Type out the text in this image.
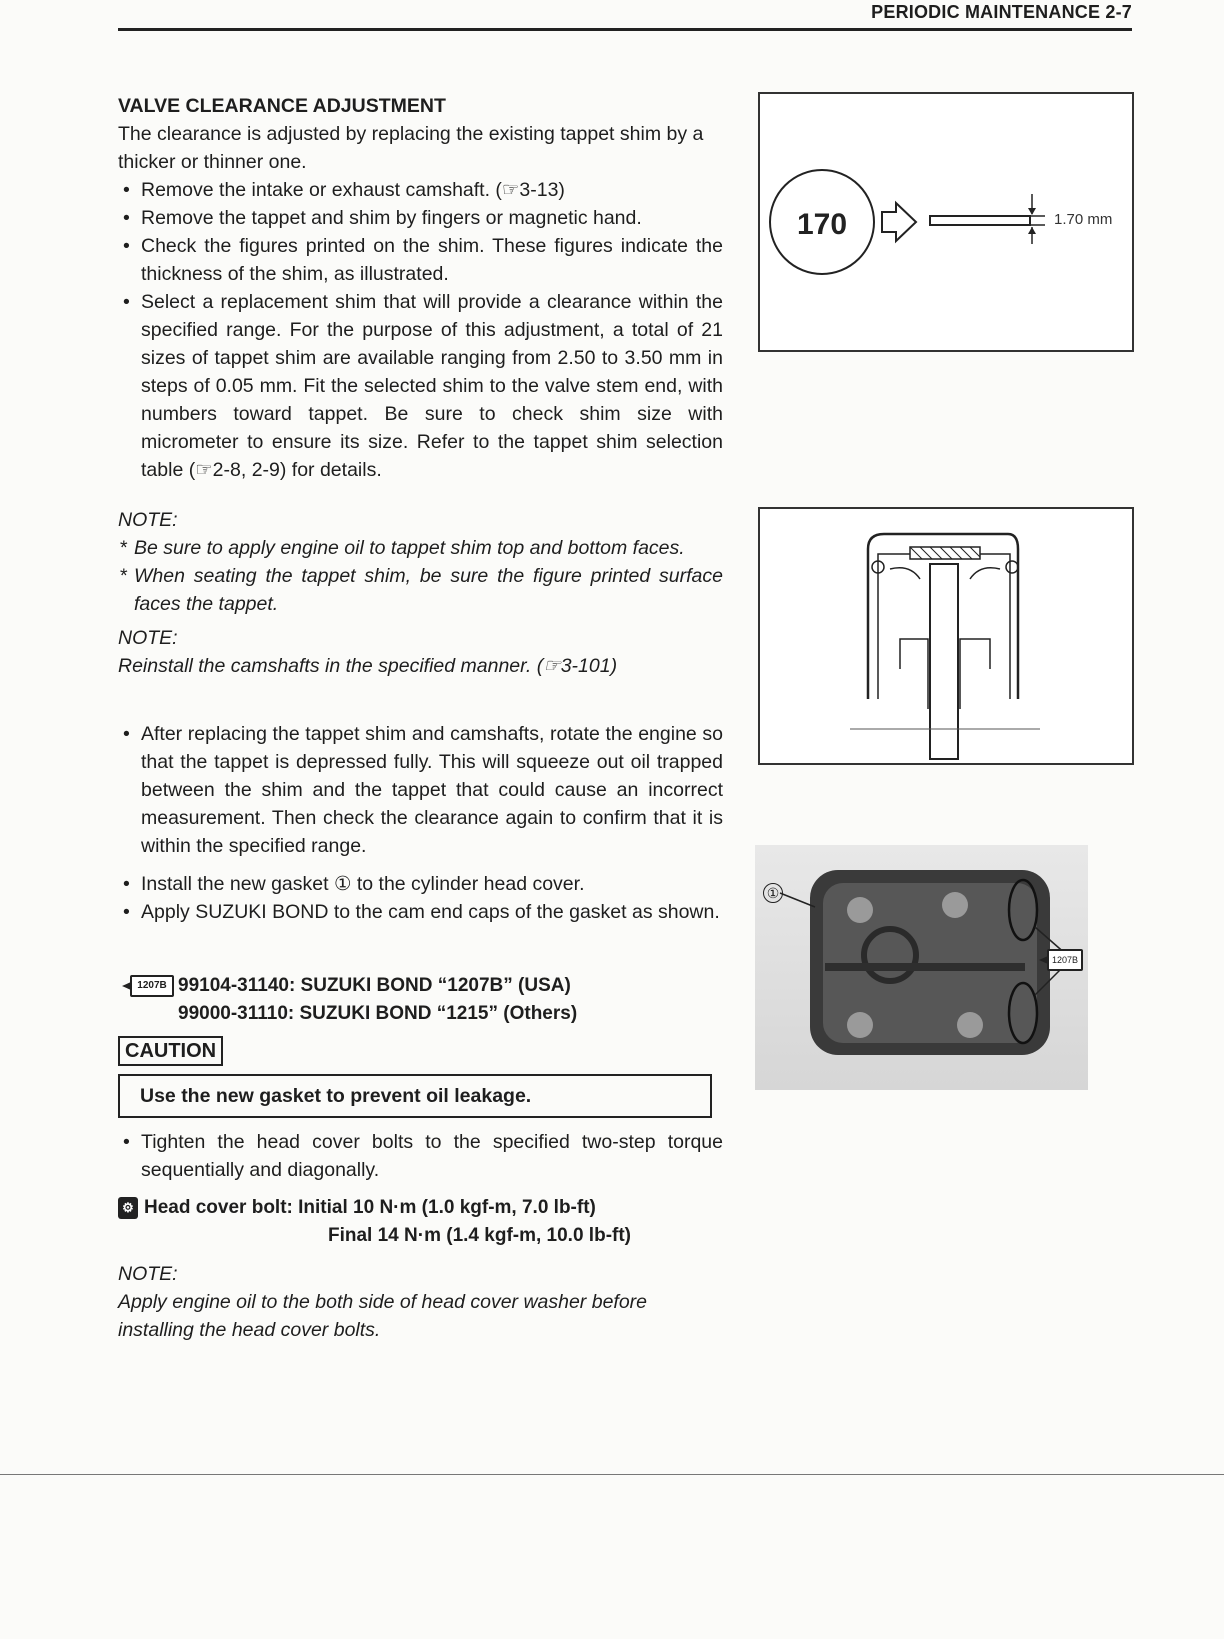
PERIODIC MAINTENANCE 2-7
VALVE CLEARANCE ADJUSTMENT

The clearance is adjusted by replacing the existing tappet shim by a thicker or thinner one.

• Remove the intake or exhaust camshaft. (☞3-13)
• Remove the tappet and shim by fingers or magnetic hand.
• Check the figures printed on the shim. These figures indicate the thickness of the shim, as illustrated.
• Select a replacement shim that will provide a clearance within the specified range. For the purpose of this adjustment, a total of 21 sizes of tappet shim are available ranging from 2.50 to 3.50 mm in steps of 0.05 mm. Fit the selected shim to the valve stem end, with numbers toward tappet. Be sure to check shim size with micrometer to ensure its size. Refer to the tappet shim selection table (☞2-8, 2-9) for details.
NOTE:
* Be sure to apply engine oil to tappet shim top and bottom faces.
* When seating the tappet shim, be sure the figure printed surface faces the tappet.
NOTE:
Reinstall the camshafts in the specified manner. (☞3-101)
• After replacing the tappet shim and camshafts, rotate the engine so that the tappet is depressed fully. This will squeeze out oil trapped between the shim and the tappet that could cause an incorrect measurement. Then check the clearance again to confirm that it is within the specified range.
• Install the new gasket ① to the cylinder head cover.
• Apply SUZUKI BOND to the cam end caps of the gasket as shown.
1207B 99104-31140: SUZUKI BOND “1207B” (USA)
99000-31110: SUZUKI BOND “1215” (Others)
CAUTION
Use the new gasket to prevent oil leakage.
• Tighten the head cover bolts to the specified two-step torque sequentially and diagonally.
⚙ Head cover bolt: Initial 10 N·m (1.0 kgf-m, 7.0 lb-ft)
Final 14 N·m (1.4 kgf-m, 10.0 lb-ft)
NOTE:
Apply engine oil to the both side of head cover washer before installing the head cover bolts.
170	1.70 mm
①
1207B
